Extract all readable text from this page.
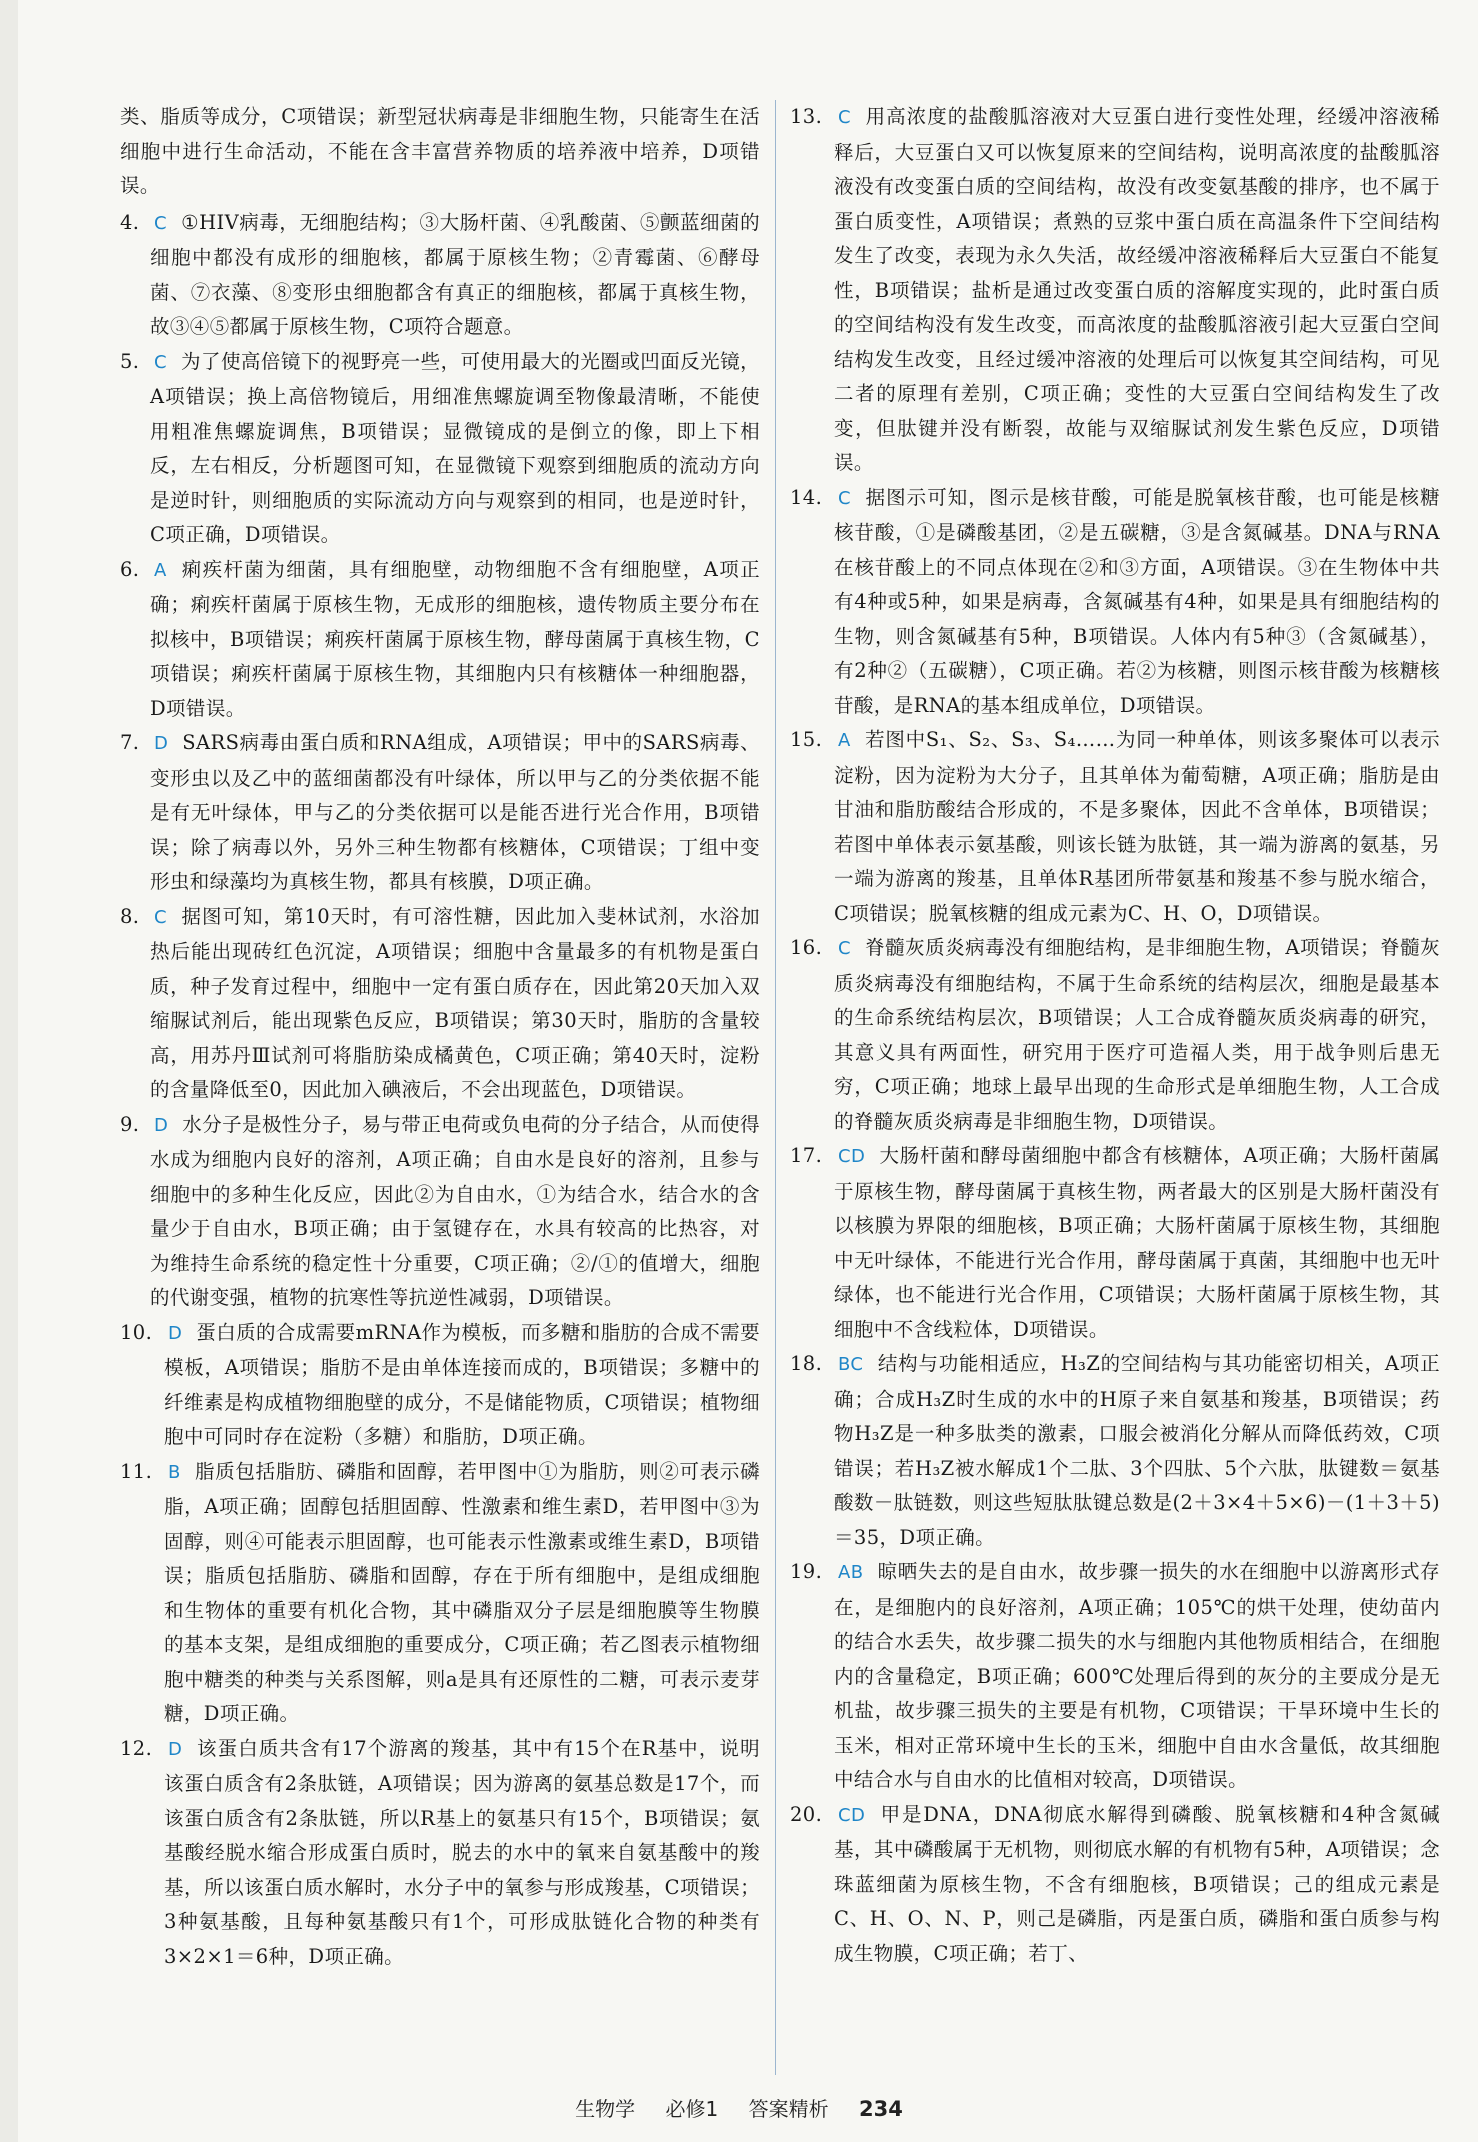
类、脂质等成分，C项错误；新型冠状病毒是非细胞生物，只能寄生在活细胞中进行生命活动，不能在含丰富营养物质的培养液中培养，D项错误。
4. C ①HIV病毒，无细胞结构；③大肠杆菌、④乳酸菌、⑤颤蓝细菌的细胞中都没有成形的细胞核，都属于原核生物；②青霉菌、⑥酵母菌、⑦衣藻、⑧变形虫细胞都含有真正的细胞核，都属于真核生物，故③④⑤都属于原核生物，C项符合题意。
5. C 为了使高倍镜下的视野亮一些，可使用最大的光圈或凹面反光镜，A项错误；换上高倍物镜后，用细准焦螺旋调至物像最清晰，不能使用粗准焦螺旋调焦，B项错误；显微镜成的是倒立的像，即上下相反，左右相反，分析题图可知，在显微镜下观察到细胞质的流动方向是逆时针，则细胞质的实际流动方向与观察到的相同，也是逆时针，C项正确，D项错误。
6. A 痢疾杆菌为细菌，具有细胞壁，动物细胞不含有细胞壁，A项正确；痢疾杆菌属于原核生物，无成形的细胞核，遗传物质主要分布在拟核中，B项错误；痢疾杆菌属于原核生物，酵母菌属于真核生物，C项错误；痢疾杆菌属于原核生物，其细胞内只有核糖体一种细胞器，D项错误。
7. D SARS病毒由蛋白质和RNA组成，A项错误；甲中的SARS病毒、变形虫以及乙中的蓝细菌都没有叶绿体，所以甲与乙的分类依据不能是有无叶绿体，甲与乙的分类依据可以是能否进行光合作用，B项错误；除了病毒以外，另外三种生物都有核糖体，C项错误；丁组中变形虫和绿藻均为真核生物，都具有核膜，D项正确。
8. C 据图可知，第10天时，有可溶性糖，因此加入斐林试剂，水浴加热后能出现砖红色沉淀，A项错误；细胞中含量最多的有机物是蛋白质，种子发育过程中，细胞中一定有蛋白质存在，因此第20天加入双缩脲试剂后，能出现紫色反应，B项错误；第30天时，脂肪的含量较高，用苏丹Ⅲ试剂可将脂肪染成橘黄色，C项正确；第40天时，淀粉的含量降低至0，因此加入碘液后，不会出现蓝色，D项错误。
9. D 水分子是极性分子，易与带正电荷或负电荷的分子结合，从而使得水成为细胞内良好的溶剂，A项正确；自由水是良好的溶剂，且参与细胞中的多种生化反应，因此②为自由水，①为结合水，结合水的含量少于自由水，B项正确；由于氢键存在，水具有较高的比热容，对为维持生命系统的稳定性十分重要，C项正确；②/①的值增大，细胞的代谢变强，植物的抗寒性等抗逆性减弱，D项错误。
10. D 蛋白质的合成需要mRNA作为模板，而多糖和脂肪的合成不需要模板，A项错误；脂肪不是由单体连接而成的，B项错误；多糖中的纤维素是构成植物细胞壁的成分，不是储能物质，C项错误；植物细胞中可同时存在淀粉（多糖）和脂肪，D项正确。
11. B 脂质包括脂肪、磷脂和固醇，若甲图中①为脂肪，则②可表示磷脂，A项正确；固醇包括胆固醇、性激素和维生素D，若甲图中③为固醇，则④可能表示胆固醇，也可能表示性激素或维生素D，B项错误；脂质包括脂肪、磷脂和固醇，存在于所有细胞中，是组成细胞和生物体的重要有机化合物，其中磷脂双分子层是细胞膜等生物膜的基本支架，是组成细胞的重要成分，C项正确；若乙图表示植物细胞中糖类的种类与关系图解，则a是具有还原性的二糖，可表示麦芽糖，D项正确。
12. D 该蛋白质共含有17个游离的羧基，其中有15个在R基中，说明该蛋白质含有2条肽链，A项错误；因为游离的氨基总数是17个，而该蛋白质含有2条肽链，所以R基上的氨基只有15个，B项错误；氨基酸经脱水缩合形成蛋白质时，脱去的水中的氧来自氨基酸中的羧基，所以该蛋白质水解时，水分子中的氧参与形成羧基，C项错误；3种氨基酸，且每种氨基酸只有1个，可形成肽链化合物的种类有3×2×1＝6种，D项正确。
13. C 用高浓度的盐酸胍溶液对大豆蛋白进行变性处理，经缓冲溶液稀释后，大豆蛋白又可以恢复原来的空间结构，说明高浓度的盐酸胍溶液没有改变蛋白质的空间结构，故没有改变氨基酸的排序，也不属于蛋白质变性，A项错误；煮熟的豆浆中蛋白质在高温条件下空间结构发生了改变，表现为永久失活，故经缓冲溶液稀释后大豆蛋白不能复性，B项错误；盐析是通过改变蛋白质的溶解度实现的，此时蛋白质的空间结构没有发生改变，而高浓度的盐酸胍溶液引起大豆蛋白空间结构发生改变，且经过缓冲溶液的处理后可以恢复其空间结构，可见二者的原理有差别，C项正确；变性的大豆蛋白空间结构发生了改变，但肽键并没有断裂，故能与双缩脲试剂发生紫色反应，D项错误。
14. C 据图示可知，图示是核苷酸，可能是脱氧核苷酸，也可能是核糖核苷酸，①是磷酸基团，②是五碳糖，③是含氮碱基。DNA与RNA在核苷酸上的不同点体现在②和③方面，A项错误。③在生物体中共有4种或5种，如果是病毒，含氮碱基有4种，如果是具有细胞结构的生物，则含氮碱基有5种，B项错误。人体内有5种③（含氮碱基），有2种②（五碳糖），C项正确。若②为核糖，则图示核苷酸为核糖核苷酸，是RNA的基本组成单位，D项错误。
15. A 若图中S₁、S₂、S₃、S₄……为同一种单体，则该多聚体可以表示淀粉，因为淀粉为大分子，且其单体为葡萄糖，A项正确；脂肪是由甘油和脂肪酸结合形成的，不是多聚体，因此不含单体，B项错误；若图中单体表示氨基酸，则该长链为肽链，其一端为游离的氨基，另一端为游离的羧基，且单体R基团所带氨基和羧基不参与脱水缩合，C项错误；脱氧核糖的组成元素为C、H、O，D项错误。
16. C 脊髓灰质炎病毒没有细胞结构，是非细胞生物，A项错误；脊髓灰质炎病毒没有细胞结构，不属于生命系统的结构层次，细胞是最基本的生命系统结构层次，B项错误；人工合成脊髓灰质炎病毒的研究，其意义具有两面性，研究用于医疗可造福人类，用于战争则后患无穷，C项正确；地球上最早出现的生命形式是单细胞生物，人工合成的脊髓灰质炎病毒是非细胞生物，D项错误。
17. CD 大肠杆菌和酵母菌细胞中都含有核糖体，A项正确；大肠杆菌属于原核生物，酵母菌属于真核生物，两者最大的区别是大肠杆菌没有以核膜为界限的细胞核，B项正确；大肠杆菌属于原核生物，其细胞中无叶绿体，不能进行光合作用，酵母菌属于真菌，其细胞中也无叶绿体，也不能进行光合作用，C项错误；大肠杆菌属于原核生物，其细胞中不含线粒体，D项错误。
18. BC 结构与功能相适应，H₃Z的空间结构与其功能密切相关，A项正确；合成H₃Z时生成的水中的H原子来自氨基和羧基，B项错误；药物H₃Z是一种多肽类的激素，口服会被消化分解从而降低药效，C项错误；若H₃Z被水解成1个二肽、3个四肽、5个六肽，肽键数＝氨基酸数－肽链数，则这些短肽肽键总数是(2＋3×4＋5×6)－(1＋3＋5)＝35，D项正确。
19. AB 晾晒失去的是自由水，故步骤一损失的水在细胞中以游离形式存在，是细胞内的良好溶剂，A项正确；105℃的烘干处理，使幼苗内的结合水丢失，故步骤二损失的水与细胞内其他物质相结合，在细胞内的含量稳定，B项正确；600℃处理后得到的灰分的主要成分是无机盐，故步骤三损失的主要是有机物，C项错误；干旱环境中生长的玉米，相对正常环境中生长的玉米，细胞中自由水含量低，故其细胞中结合水与自由水的比值相对较高，D项错误。
20. CD 甲是DNA，DNA彻底水解得到磷酸、脱氧核糖和4种含氮碱基，其中磷酸属于无机物，则彻底水解的有机物有5种，A项错误；念珠蓝细菌为原核生物，不含有细胞核，B项错误；己的组成元素是C、H、O、N、P，则己是磷脂，丙是蛋白质，磷脂和蛋白质参与构成生物膜，C项正确；若丁、
生物学 必修1 答案精析 234
